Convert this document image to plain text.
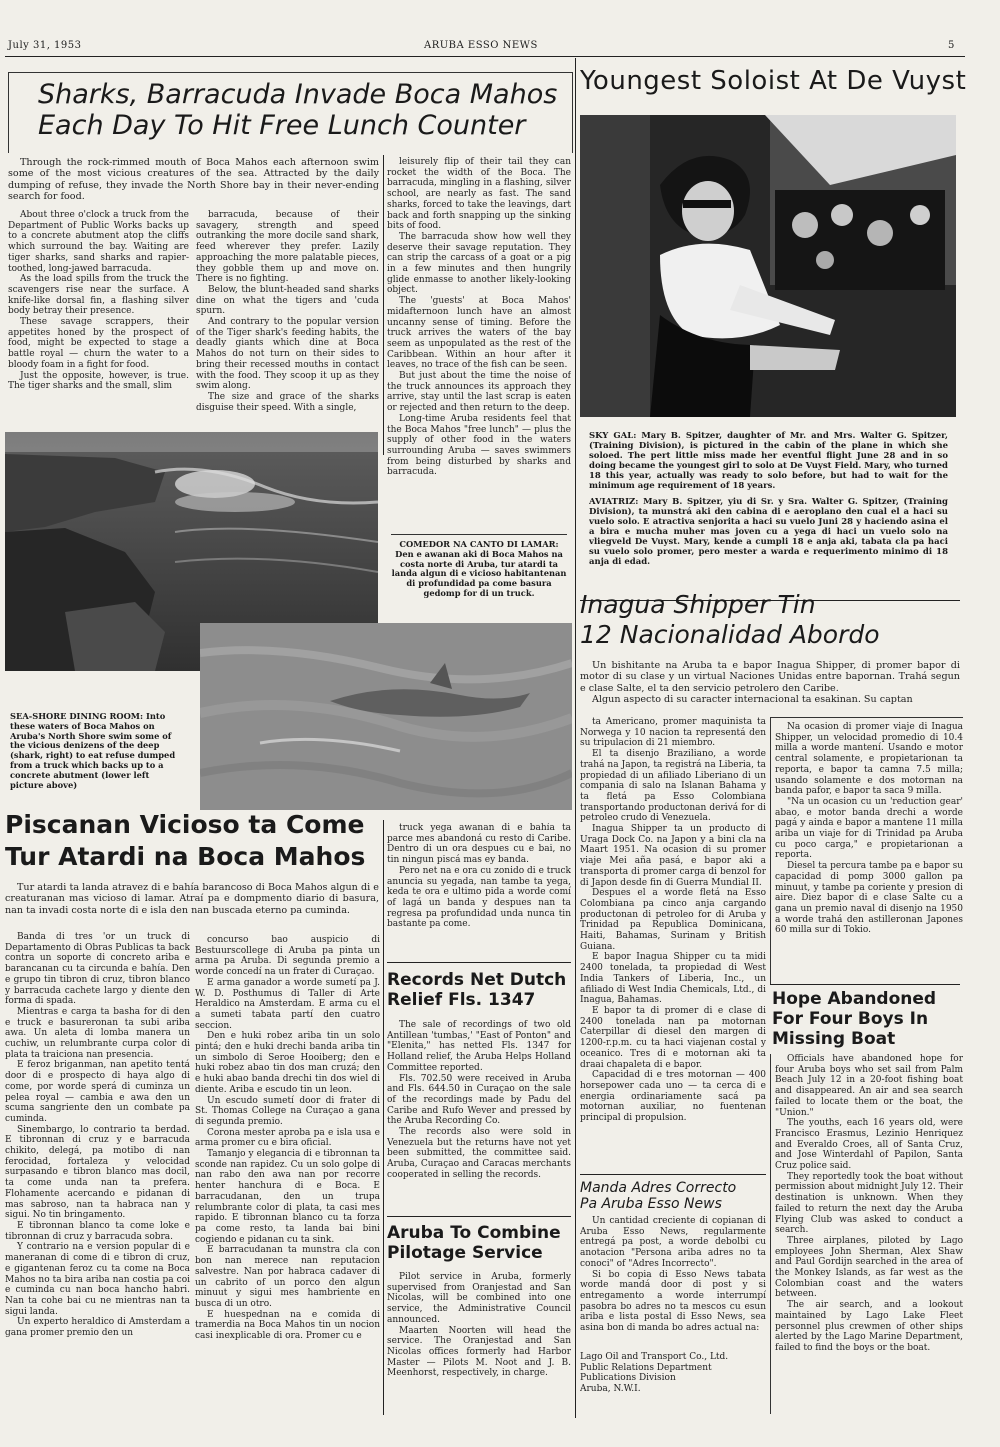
July 31, 1953	ARUBA ESSO NEWS	5
Sharks, Barracuda Invade Boca Mahos
Each Day To Hit Free Lunch Counter
Through the rock-rimmed mouth of Boca Mahos each afternoon swim some of the most vicious creatures of the sea. Attracted by the daily dumping of refuse, they invade the North Shore bay in their never-ending search for food.

About three o'clock a truck from the Department of Public Works backs up to a concrete abutment atop the cliffs which surround the bay. Waiting are tiger sharks, sand sharks and rapier-toothed, long-jawed barracuda.

As the load spills from the truck the scavengers rise near the surface. A knife-like dorsal fin, a flashing silver body betray their presence.

These savage scrappers, their appetites honed by the prospect of food, might be expected to stage a battle royal — churn the water to a bloody foam in a fight for food.

Just the opposite, however, is true. The tiger sharks and the small, slim

barracuda, because of their savagery, strength and speed outranking the more docile sand shark, feed wherever they prefer. Lazily approaching the more palatable pieces, they gobble them up and move on. There is no fighting.

Below, the blunt-headed sand sharks dine on what the tigers and 'cuda spurn.

And contrary to the popular version of the Tiger shark's feeding habits, the deadly giants which dine at Boca Mahos do not turn on their sides to bring their recessed mouths in contact with the food. They scoop it up as they swim along.

The size and grace of the sharks disguise their speed. With a single,

leisurely flip of their tail they can rocket the width of the Boca. The barracuda, mingling in a flashing, silver school, are nearly as fast. The sand sharks, forced to take the leavings, dart back and forth snapping up the sinking bits of food.

The barracuda show how well they deserve their savage reputation. They can strip the carcass of a goat or a pig in a few minutes and then hungrily glide enmasse to another likely-looking object.

The 'guests' at Boca Mahos' midafternoon lunch have an almost uncanny sense of timing. Before the truck arrives the waters of the bay seem as unpopulated as the rest of the Caribbean. Within an hour after it leaves, no trace of the fish can be seen.

But just about the time the noise of the truck announces its approach they arrive, stay until the last scrap is eaten or rejected and then return to the deep.

Long-time Aruba residents feel that the Boca Mahos "free lunch" — plus the supply of other food in the waters surrounding Aruba — saves swimmers from being disturbed by sharks and barracuda.

COMEDOR NA CANTO DI LAMAR: Den e awanan aki di Boca Mahos na costa norte di Aruba, tur atardi ta landa algun di e vicioso habitantenan di profundidad pa come basura gedomp for di un truck.
SEA-SHORE DINING ROOM: Into these waters of Boca Mahos on Aruba's North Shore swim some of the vicious denizens of the deep (shark, right) to eat refuse dumped from a truck which backs up to a concrete abutment (lower left picture above)
Youngest Soloist At De Vuyst

SKY GAL: Mary B. Spitzer, daughter of Mr. and Mrs. Walter G. Spitzer, (Training Division), is pictured in the cabin of the plane in which she soloed. The pert little miss made her eventful flight June 28 and in so doing became the youngest girl to solo at De Vuyst Field. Mary, who turned 18 this year, actually was ready to solo before, but had to wait for the minimum age requirement of 18 years.

AVIATRIZ: Mary B. Spitzer, yiu di Sr. y Sra. Walter G. Spitzer, (Training Division), ta munstrá aki den cabina di e aeroplano den cual el a haci su vuelo solo. E atractiva senjorita a haci su vuelo Juni 28 y haciendo asina el a bira e mucha muher mas joven cu a yega di haci un vuelo solo na vliegveld De Vuyst. Mary, kende a cumpli 18 e anja aki, tabata cla pa haci su vuelo solo promer, pero mester a warda e requerimento minimo di 18 anja di edad.

Inagua Shipper Tin
12 Nacionalidad Abordo

Un bishitante na Aruba ta e bapor Inagua Shipper, di promer bapor di motor di su clase y un virtual Naciones Unidas entre bapornan. Trahá segun e clase Salte, el ta den servicio petrolero den Caribe.

Algun aspecto di su caracter internacional ta esakinan. Su captan

ta Americano, promer maquinista ta Norwega y 10 nacion ta representá den su tripulacion di 21 miembro.

El ta disenjo Braziliano, a worde trahá na Japon, ta registrá na Liberia, ta propiedad di un afiliado Liberiano di un compania di salo na Islanan Bahama y ta fletá pa Esso Colombiana transportando productonan derivá for di petroleo crudo di Venezuela.

Inagua Shipper ta un producto di Uraga Dock Co. na Japon y a bini cla na Maart 1951. Na ocasion di su promer viaje Mei aña pasá, e bapor aki a transporta di promer carga di benzol for di Japon desde fin di Guerra Mundial II.

Despues el a worde fletá na Esso Colombiana pa cinco anja cargando productonan di petroleo for di Aruba y Trinidad pa Republica Dominicana, Haiti, Bahamas, Surinam y British Guiana.

E bapor Inagua Shipper cu ta midi 2400 tonelada, ta propiedad di West India Tankers of Liberia, Inc., un afiliado di West India Chemicals, Ltd., di Inagua, Bahamas.

E bapor ta di promer di e clase di 2400 tonelada nan pa motornan Caterpillar di diesel den margen di 1200-r.p.m. cu ta haci viajenan costal y oceanico. Tres di e motornan aki ta draai chapaleta di e bapor.

Capacidad di e tres motornan — 400 horsepower cada uno — ta cerca di e energia ordinariamente sacá pa motornan auxiliar, no fuentenan principal di propulsion.

Na ocasion di promer viaje di Inagua Shipper, un velocidad promedio di 10.4 milla a worde mantení. Usando e motor central solamente, e propietarionan ta reporta, e bapor ta camna 7.5 milla; usando solamente e dos motornan na banda pafor, e bapor ta saca 9 milla.

"Na un ocasion cu un 'reduction gear' abao, e motor banda drechi a worde pagá y ainda e bapor a mantene 11 milla ariba un viaje for di Trinidad pa Aruba cu poco carga," e propietarionan a reporta.

Diesel ta percura tambe pa e bapor su capacidad di pomp 3000 gallon pa minuut, y tambe pa coriente y presion di aire. Diez bapor di e clase Salte cu a gana un premio naval di disenjo na 1950 a worde trahá den astilleronan Japones 60 milla sur di Tokio.

Manda Adres Correcto
Pa Aruba Esso News

Un cantidad creciente di copianan di Aruba Esso News, regularmente entregá pa post, a worde debolbi cu anotacion "Persona ariba adres no ta conoci" of "Adres Incorrecto".

Si bo copia di Esso News tabata worde mandá door di post y si entregamento a worde interrumpí pasobra bo adres no ta mescos cu esun ariba e lista postal di Esso News, sea asina bon di manda bo adres actual na:

Lago Oil and Transport Co., Ltd.
Public Relations Department
Publications Division
Aruba, N.W.I.
Hope Abandoned For Four Boys In Missing Boat

Officials have abandoned hope for four Aruba boys who set sail from Palm Beach July 12 in a 20-foot fishing boat and disappeared. An air and sea search failed to locate them or the boat, the "Union."

The youths, each 16 years old, were Francisco Erasmus, Lezinio Henriquez and Everaldo Croes, all of Santa Cruz, and Jose Winterdahl of Papilon, Santa Cruz police said.

They reportedly took the boat without permission about midnight July 12. Their destination is unknown. When they failed to return the next day the Aruba Flying Club was asked to conduct a search.

Three airplanes, piloted by Lago employees John Sherman, Alex Shaw and Paul Gordijn searched in the area of the Monkey Islands, as far west as the Colombian coast and the waters between.

The air search, and a lookout maintained by Lago Lake Fleet personnel plus crewmen of other ships alerted by the Lago Marine Department, failed to find the boys or the boat.

Piscanan Vicioso ta Come
Tur Atardi na Boca Mahos
Tur atardi ta landa atravez di e bahía barancoso di Boca Mahos algun di e creaturanan mas vicioso di lamar. Atraí pa e dompmento diario di basura, nan ta invadi costa norte di e isla den nan buscada eterno pa cuminda.

Banda di tres 'or un truck di Departamento di Obras Publicas ta back contra un soporte di concreto ariba e barancanan cu ta circunda e bahía. Den e grupo tin tibron di cruz, tibron blanco y barracuda cachete largo y diente den forma di spada.

Mientras e carga ta basha for di den e truck e basureronan ta subi ariba awa. Un aleta di lomba manera un cuchiw, un relumbrante curpa color di plata ta traiciona nan presencia.

E feroz briganman, nan apetito tentá door di e prospecto di haya algo di come, por worde sperá di cuminza un pelea royal — cambia e awa den un scuma sangriente den un combate pa cuminda.

Sinembargo, lo contrario ta berdad. E tibronnan di cruz y e barracuda chikito, delegá, pa motibo di nan ferocidad, fortaleza y velocidad surpasando e tibron blanco mas docil, ta come unda nan ta prefera. Flohamente acercando e pidanan di mas sabroso, nan ta habraca nan y sigui. No tin bringamento.

E tibronnan blanco ta come loke e tibronnan di cruz y barracuda sobra.

Y contrario na e version popular di e maneranan di come di e tibron di cruz, e gigantenan feroz cu ta come na Boca Mahos no ta bira ariba nan costia pa coi e cuminda cu nan boca hancho habri. Nan ta cohe bai cu ne mientras nan ta sigui landa.

Un experto heraldico di Amsterdam a gana promer premio den un

concurso bao auspicio di Bestuurscollege di Aruba pa pinta un arma pa Aruba. Di segunda premio a worde concedí na un frater di Curaçao.

E arma ganador a worde sumetí pa J. W. D. Posthumus di Taller di Arte Heraldico na Amsterdam. E arma cu el a sumeti tabata partí den cuatro seccion.

Den e huki robez ariba tin un solo pintá; den e huki drechi banda ariba tin un simbolo di Seroe Hooiberg; den e huki robez abao tin dos man cruzá; den e huki abao banda drechi tin dos wiel di diente. Ariba e escudo tin un leon.

Un escudo sumetí door di frater di St. Thomas College na Curaçao a gana di segunda premio.

Corona mester aproba pa e isla usa e arma promer cu e bira oficial.

Tamanjo y elegancia di e tibronnan ta sconde nan rapidez. Cu un solo golpe di nan rabo den awa nan por recorre henter hanchura di e Boca. E barracudanan, den un trupa relumbrante color di plata, ta casi mes rapido. E tibronnan blanco cu ta forza pa come resto, ta landa bai bini cogiendo e pidanan cu ta sink.

E barracudanan ta munstra cla con bon nan merece nan reputacion salvestre. Nan por habraca cadaver di un cabrito of un porco den algun minuut y sigui mes hambriente en busca di un otro.

E huespednan na e comida di tramerdia na Boca Mahos tin un nocion casi inexplicable di ora. Promer cu e

truck yega awanan di e bahía ta parce mes abandoná cu resto di Caribe. Dentro di un ora despues cu e bai, no tin ningun piscá mas ey banda.

Pero net na e ora cu zonido di e truck anuncia su yegada, nan tambe ta yega, keda te ora e ultimo pida a worde comí of lagá un banda y despues nan ta regresa pa profundidad unda nunca tin bastante pa come.

Records Net Dutch Relief Fls. 1347

The sale of recordings of two old Antillean 'tumbas,' "East of Ponton" and "Elenita," has netted Fls. 1347 for Holland relief, the Aruba Helps Holland Committee reported.

Fls. 702.50 were received in Aruba and Fls. 644.50 in Curaçao on the sale of the recordings made by Padu del Caribe and Rufo Wever and pressed by the Aruba Recording Co.

The records also were sold in Venezuela but the returns have not yet been submitted, the committee said. Aruba, Curaçao and Caracas merchants cooperated in selling the records.

Aruba To Combine Pilotage Service

Pilot service in Aruba, formerly supervised from Oranjestad and San Nicolas, will be combined into one service, the Administrative Council announced.

Maarten Noorten will head the service. The Oranjestad and San Nicolas offices formerly had Harbor Master — Pilots M. Noot and J. B. Meenhorst, respectively, in charge.
